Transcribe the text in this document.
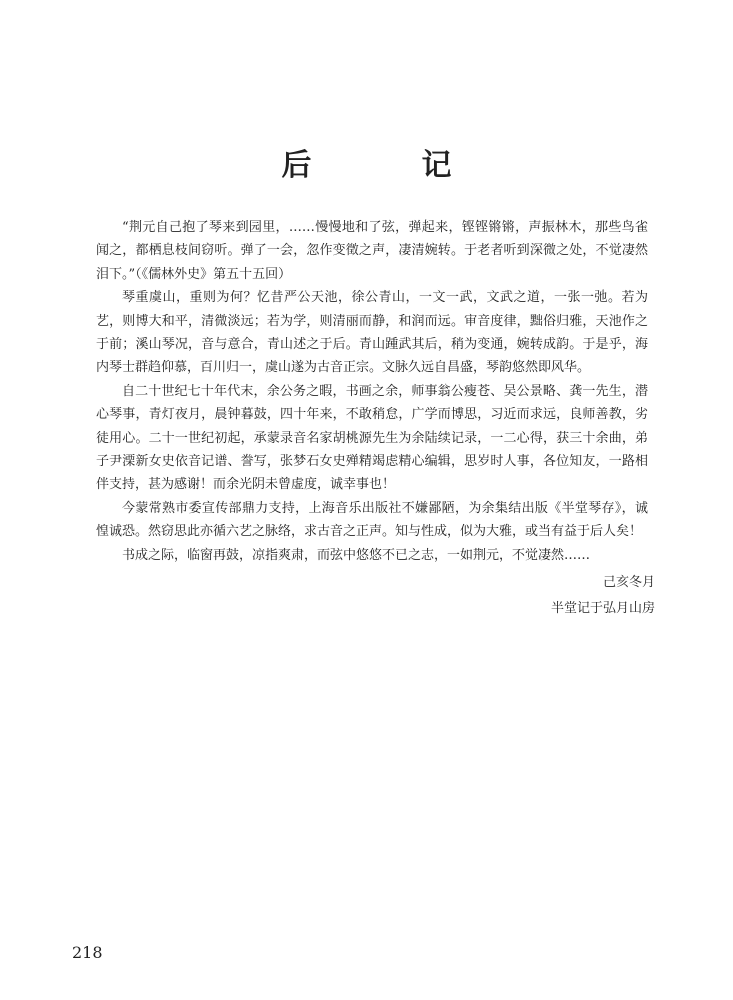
后　记

“荆元自己抱了琴来到园里，……慢慢地和了弦，弹起来，铿铿锵锵，声振林木，那些鸟雀闻之，都栖息枝间窃听。弹了一会，忽作变徵之声，凄清婉转。于老者听到深微之处，不觉凄然泪下。”（《儒林外史》第五十五回）

琴重虞山，重则为何？忆昔严公天池，徐公青山，一文一武，文武之道，一张一弛。若为艺，则博大和平，清微淡远；若为学，则清丽而静，和润而远。审音度律，黜俗归雅，天池作之于前；溪山琴况，音与意合，青山述之于后。青山踵武其后，稍为变通，婉转成韵。于是乎，海内琴士群趋仰慕，百川归一，虞山遂为古音正宗。文脉久远自昌盛，琴韵悠然即风华。

自二十世纪七十年代末，余公务之暇，书画之余，师事翁公瘦苍、吴公景略、龚一先生，潜心琴事，青灯夜月，晨钟暮鼓，四十年来，不敢稍怠，广学而博思，习近而求远，良师善教，劣徒用心。二十一世纪初起，承蒙录音名家胡桃源先生为余陆续记录，一二心得，获三十余曲，弟子尹溧新女史依音记谱、誊写，张梦石女史殚精竭虑精心编辑，思岁时人事，各位知友，一路相伴支持，甚为感谢！而余光阴未曾虚度，诚幸事也！

今蒙常熟市委宣传部鼎力支持，上海音乐出版社不嫌鄙陋，为余集结出版《半堂琴存》，诚惶诚恐。然窃思此亦循六艺之脉络，求古音之正声。知与性成，似为大雅，或当有益于后人矣！

书成之际，临窗再鼓，凉指爽肃，而弦中悠悠不已之志，一如荆元，不觉凄然……

己亥冬月
半堂记于弘月山房
218
